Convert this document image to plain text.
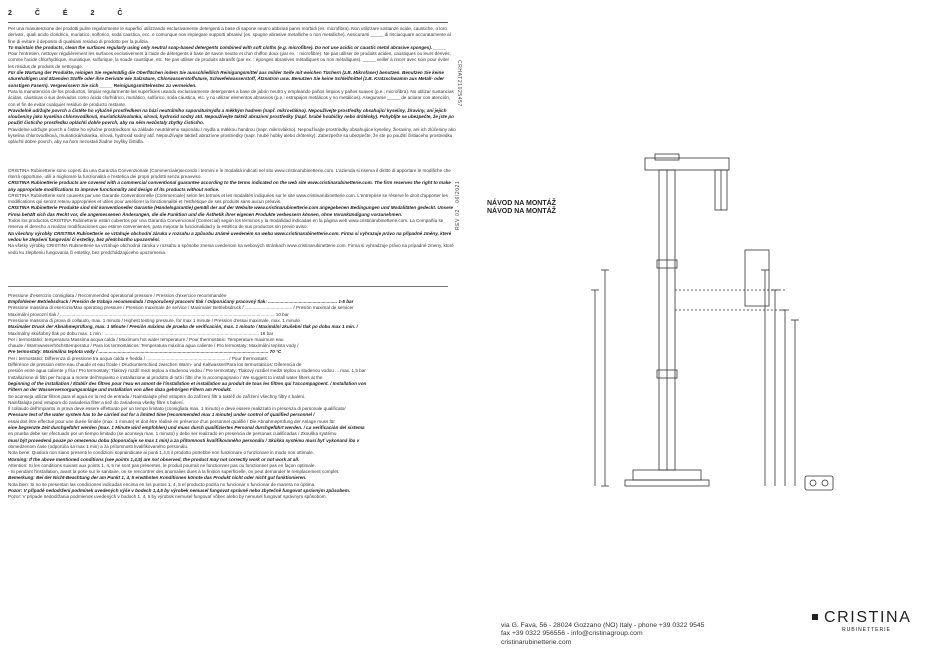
2	Č	É	2	Č

Per una manutenzione dei prodotti pulire regolarmente le superfici utilizzando esclusivamente detergenti a base di sapone neutro abbinati panni morbidi (es. microfibra). Non utilizzare sostanze acide, caustiche, o loro derivati , quali acido cloridrico, muriatico, solforico, soda caustica, ecc. e comunque non impiegare supporti abrasivi (es. spugne abrasive metalliche o non metalliche). Assicurarsi _____ di risciacquare accuratamente al fine di evitare il deposito di qualsiasi residuo di prodotto per la pulizia.

To maintain the products, clean the surfaces regularly using only neutral soap-based detergents combined with soft cloths (e.g. microfibre). Do not use acidic or caustic metal abrasive sponges). _____

Pour l'entretien, nettoyer régulièrement les surfaces exclusivement à l'aide de détergents à base de savon neutre et d'un chiffon doux (par ex. : microfibre). Ne pas utiliser de produits acides, caustiques ou leurs dérivés, comme l'acide chlorhydrique, muriatique, sulfurique, la soude caustique, etc. Ne pas utiliser de produits abrasifs (par ex. : éponges abrasives métalliques ou non métalliques). _____ veiller à rincer avec soin pour éviter les résidus de produits de nettoyage.

Für die Wartung der Produkte, reinigen Sie regelmäßig die Oberflächen indem Sie ausschließlich Reinigungsmittel aus milder Seife mit weichen Tüchern (z.B. Mikrofaser) benutzen. Benutzen Sie keine säurehaltigen und ätzenden Stoffe oder ihre Derivate wie Salzsäure, Chlorwasserstoffsäure, Schwefelwasserstoff, Ätznatron usw. Benutzen Sie keine Schleifmittel (z.B. Kratzschwamm aus Metall- oder sonstigen Fasern). Vergewissern Sie sich _____ Reinigungsmittelrestes zu vermeiden.

Para la manutención de los productos, limpiar regularmente las superficies usando exclusivamente detergentes a base de jabón neutro y empleando paños limpios y paños suaves (p.e.: microfibra). No utilizar sustancias ácidas, cáusticas o sus derivados como ácido clorhídrico, muriático, sulfúrico, soda cáustica, etc. y no utilizar elementos abrasivos (p.e.: estropajos metálicos y no metálicos). Asegurarse _____ de aclarar con atención, con el fin de evitar cualquier residuo de producto restante.

Pravidelně udržujte povrch a čistěte ho výlučně prostředkem na bázi neutrálního saponátu/mýdla a měkkým hadrem (např. mikrovlákno). Nepoužívejte prostředky obsahující kyseliny, žíraviny, ani jejich sloučeniny jako kyselina chlorovodíková, muriatická/solanka, sírová, hydroxid sodný atd. Nepoužívejte taktéž abrazivní prostředky (např. hrubé houbičky nebo drátěnky). Pohybljte se ubezpečte, že jste po použití čisticího prostředku opláchli dobře povrch, aby na něm nezůstaly zbytky čisticího.

Pravidelne udržujte povrch a čistite ho výlučne prostriedkom na základe neutrálneho saponátu / mydla a mäkkou handrou (napr. mikrovlákno). Nepoužívajte prostriedky obsahujúce kyseliny, žieraviny, ani ich zlúčeniny ako kyselina chlorovodíková, muriatická/solanka, sírová, hydroxid sodný atď. Nepoužívajte taktiež abrazívne prostriedky (napr. hrubé hubky alebo drôtenky). Zabezpečte sa ubezpečte, že ste po použití čistiaceho prostriedku opláchli dobre povrch, aby na ňom nezostali žiadne zvyšky čistidla.

CRISTINA Rubinetterie sono coperti da una Garanzia Convenzionale (Commerciale)secondo i termini e le modalità indicati nel sito www.cristinarubinetterie.com. L'azienda si riserva il diritto di apportare le modifiche che riterrà opportune, utili a migliorare la funzionalità e l'estetica dei propri prodotti senza preavviso.

CRISTINA Rubinetterie products are covered with a commercial conventional guarantee according to the terms indicated on the web site www.cristinarubinetterie.com. The firm reserves the right to make any appropriate modifications to improve functionality and design of its products without notice.

CRISTINA Rubinetterie sont couverts par une Garantie Conventionnelle (Commerciale) selon les termes et les modalités indiquées sur le site www.cristinarubinetterie.com. L'entreprise se réserve le droit d'apporter les modifications qui seront retenu appropriées et utiles pour améliorer la fonctionnalité et l'esthétique de ses produits sans aucun préavis.

CRISTINA Rubinetterie Produkte sind mit konventioneller Garantie (Handelsgarantie) gemäß der auf der Website www.cristinarubinetterie.com angegebenen Bedingungen und Modalitäten gedeckt. Unsere Firma behält sich das Recht vor, die angemessenen Änderungen, die die Funktion und die Ästhetik ihrer eigenen Produkte verbessern können, ohne Vorankündigung vorzunehmen.

Todos los productos CRISTINA Rubinetterie están cubiertos por una Garantía Convencional (Comercial) según los términos y la modalidad indicadas en la página web www.cristinarubinetterie.com. La Compañía se reserva el derecho a realizar modificaciones que estime convenientes, para mejorar la funcionalidad y la estética de sus productos sin previo aviso.

Na všechny výrobky CRISTINA Rubinetterie se vztahuje obchodní záruka v rozsahu a způsobu známé uvedeném na webu www.cristinarubinetterie.com. Firma si vyhrazuje právo na případné změny, které vedou ke zlepšení fungování či estetiky, bez předchozího upozornění.

Na všetky výrobky CRISTINA Rubinetterie sa vzťahuje obchodná záruka v rozsahu a spôsobe znenia uvedenom na webových stránkach www.cristinarubinetterie.com. Firma si vyhradzuje právo na prípadné zmeny, ktoré vedú ku zlepšeniu fungovania či estetiky, bez predchádzajúceho upozornenia.

Pressione d'esercizio consigliata / Recommended operational pressure / Pression d'exercice recommandée

Empfohlener Betriebsdruck / Presión de trabajo recomendada / Doporučený pracovní tlak / Odporúčaný pracovný tlak: ...................................................... 1-5 bar

Pressione massima di esercizio/Max operating pressure / Pression maximale de service / Maximaler Betriebsdruck / ..................................... / Presión maximal de service/

Maximální provozní tlak / ........................................................................................................................................................................ 10 bar

Pressione massima di prova di collaudo, max. 1 minuto / Highest testing pressure, for max 1 minute / Pression d'essai maximale, max. 1 minute

Maximaler Druck der Abnahmeprüfung, max. 1 Minute / Presión máxima de prueba de verificación, max. 1 minuto / Maximální zkušební tlak po dobu max 1 min. /

Maximálny skúšobný tlak po dobu max. 1 min : ......................................................................................................................... 16 bar

Per i termostatici: temperatura Massima acqua calda / Maximum hot water temperature / Pour thermostatic: Temperature maximum eau

chaude / Warmwasserhöchsttemperatur / Para los termostáticos: Temperatura máxima agua caliente / Pro termostaty: Maximální teplota vody /

Pre termostaty: Maximálna teplota vody / ..................................................................................................................................... 70 °C

Per i termostatici: Differenza di pressione tra acqua calda e fredda / ................................................................ / Pour thermostats:

Différence de pression entre eau chaude et eau froide / Druckunterschied zwischen Warm- und Kaltwasser/Para los termostáticos: Diferencia de

presión entre agua caliente y fría / Pro termostaty: Tlakový rozdíl mezi teplou a studenou vodou / Pre termostaty: Tlakový rozdiel medzi teplou a studenou vodou ... max. 1,5 bar

Installazione di filtri per l'acqua a monte dell'impianto e installazione al prodotto di tutti i filtri che lo accompagnano / We suggest to install water filters at the

beginning of the installation / Établir des filtres pour l'eau en amont de l'installation et installation au produit de tous les filtres qui l'accompagnent. / Installation von

Filtern an der Wasserversorgungsanlage und Installation von allen dazu gehörigen Filtern am Produkt.

Se aconseja utilizar filtros para el agua en la red de entrada / Nainstalujte před vstupem do zařízení filtr a taktéž do zařízení všechny filtry s balení.

Nainštalujte pred vstupom do zariadenia filter a tiež do zariadenia všetky filtre s balení.

Il collaudo dell'impianto in prova deve essere effettuato per un tempo limitato (consigliata max. 1 minuto) e deve essere realizzato in presenza di personale qualificato/

Pressure test of the water system has to be carried out for a limited time (recommended max 1 minute) under control of qualified personnel /

essai doit être effectué pour une durée limitée (max. 1 minute) et doit être réalisé en présence d'un personnel qualifié / Die Abnahmeprüfung der Anlage muss für

eine begrenzte Zeit durchgeführt werden (max. 1 Minute wird empfohlen) und muss durch qualifiziertes Personal durchgeführt werden. / La verificación del sistema

en prueba debe ser efectuado por un tiempo limitado (se aconseja max. 1 minuto) y debe ser realizado en presencia de personas cualificadas / Zkouška systému

musí být provedená pouze po omezenou dobu (doporučuje se max 1 min) a za přítomnosti kvalifikovaného personálu / Skúška systému musí byť vykonaná iba v

obmedzenom čase (odporúča sa max 1 min) a za prítomnosti kvalifikovaného personálu.

Nota bene: Qualora non siano presenti le condizioni sopraindicate ai punti 1,4,5 il prodotto potrebbe non funzionare o funzionare in modo non ottimale.

Warning: If the above mentioned conditions (see points 1,4,5) are not observed, the product may not correctly work or not work at all.

Attention: Si les conditions suivant aux points 1, 4, 5 ne sont pas présentes, le produit pourrait ne fonctionner pas ou fonctionner pas en façon optimale.

- Si pendant l'installation, avant la pose sur le sanitaire, on se rencontrer des anomalies dues à la finition superficielle, on peut demander le remplacement complet.

Bemerkung: Bei der Nicht-Beachtung der am Punkt 1, 4, 5 erwähnten Konditionen könnte das Produkt nicht oder nicht gut funktionieren.

Nota bien: Si no se presentan las condiciones indicadas encima en los puntos 1, 4, 5 el producto podría no funcionar o funcionar de manera no óptima.

Pozor: V případě nedodržení podmínek uvedených výše v bodech 1,4,5 by výrobek nemusel fungovat správně nebo zbytečně fungovat správným způsobem.

Pozor: V prípade nedodržania podmienok uvedených v bodoch 1, 4, 5 by výrobok nemusel fungovať vôbec alebo by nemusel fungovať správnym spôsobom.

CRHAT21025457
REV 02 · 06/2021	NÁVOD NA MONTÁŽ
NÁVOD NA MONTÁŽ
via G. Fava, 56 - 28024 Gozzano (NO) Italy - phone +39 0322 9545
fax +39 0322 956556 - info@cristinagroup.com
cristinarubinetterie.com
CRISTINA
RUBINETTERIE
